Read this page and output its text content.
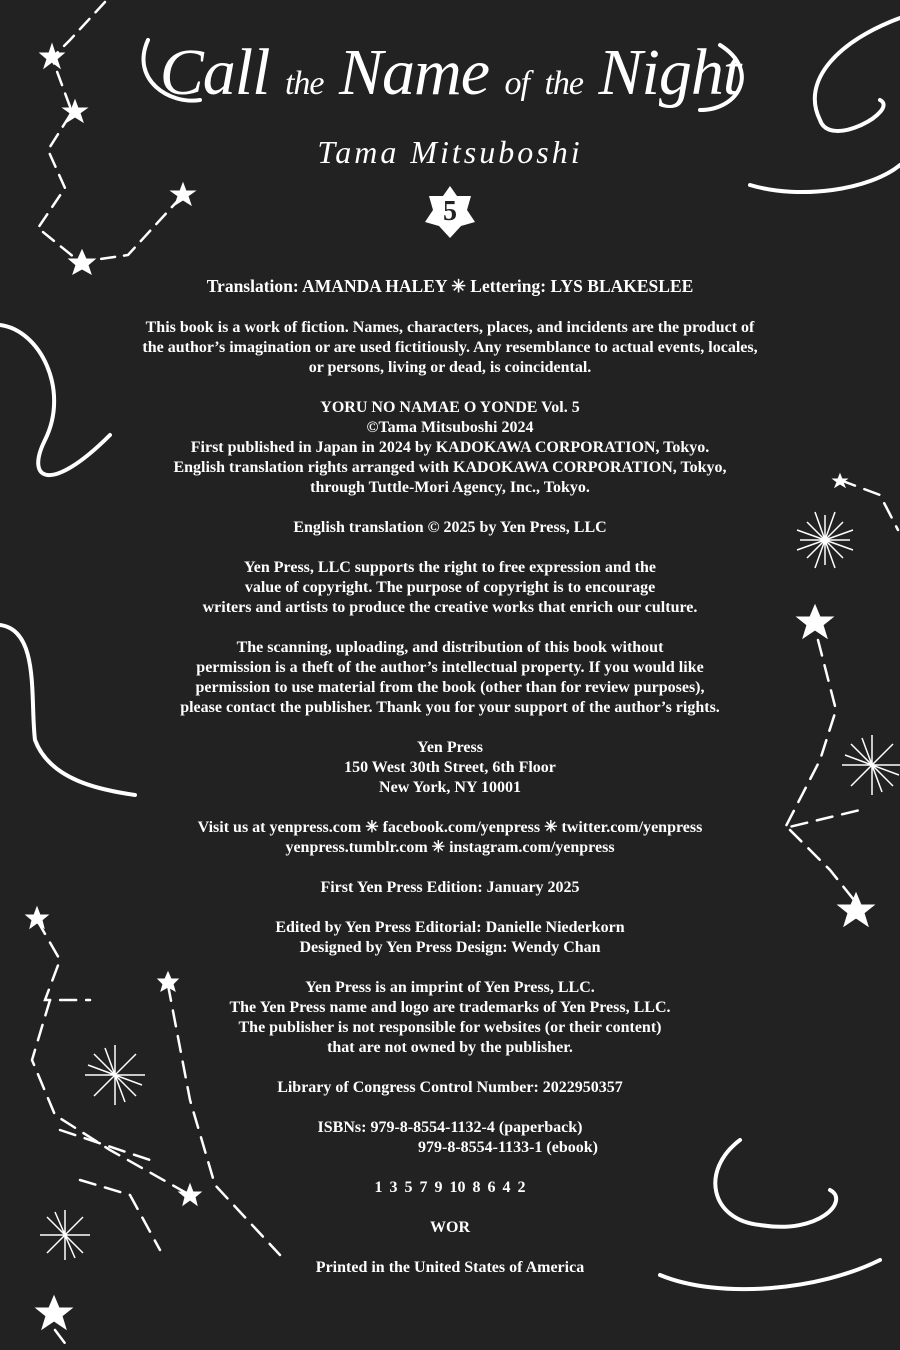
Call the Name of the Night
Tama Mitsuboshi
5

Translation: AMANDA HALEY ✳ Lettering: LYS BLAKESLEE

This book is a work of fiction. Names, characters, places, and incidents are the product of
the author’s imagination or are used fictitiously. Any resemblance to actual events, locales,
or persons, living or dead, is coincidental.

YORU NO NAMAE O YONDE Vol. 5
©Tama Mitsuboshi 2024
First published in Japan in 2024 by KADOKAWA CORPORATION, Tokyo.
English translation rights arranged with KADOKAWA CORPORATION, Tokyo,
through Tuttle-Mori Agency, Inc., Tokyo.

English translation © 2025 by Yen Press, LLC

Yen Press, LLC supports the right to free expression and the
value of copyright. The purpose of copyright is to encourage
writers and artists to produce the creative works that enrich our culture.

The scanning, uploading, and distribution of this book without
permission is a theft of the author’s intellectual property. If you would like
permission to use material from the book (other than for review purposes),
please contact the publisher. Thank you for your support of the author’s rights.

Yen Press
150 West 30th Street, 6th Floor
New York, NY 10001

Visit us at yenpress.com ✳ facebook.com/yenpress ✳ twitter.com/yenpress
yenpress.tumblr.com ✳ instagram.com/yenpress

First Yen Press Edition: January 2025

Edited by Yen Press Editorial: Danielle Niederkorn
Designed by Yen Press Design: Wendy Chan

Yen Press is an imprint of Yen Press, LLC.
The Yen Press name and logo are trademarks of Yen Press, LLC.
The publisher is not responsible for websites (or their content)
that are not owned by the publisher.

Library of Congress Control Number: 2022950357

ISBNs: 979-8-8554-1132-4 (paperback)
979-8-8554-1133-1 (ebook)

1 3 5 7 9 10 8 6 4 2

WOR

Printed in the United States of America
